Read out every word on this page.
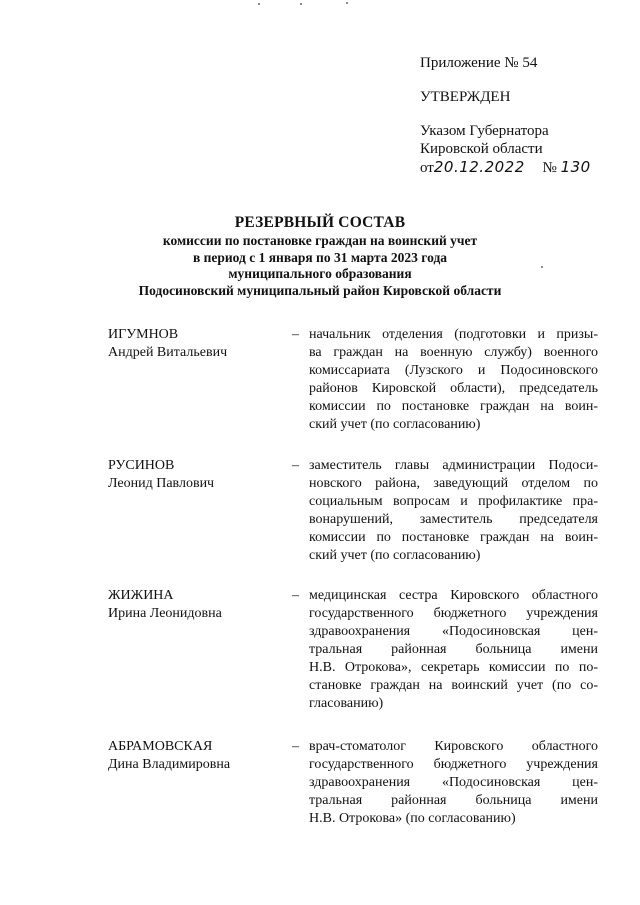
Приложение № 54
УТВЕРЖДЕН
Указом Губернатора
Кировской области
от20.12.2022 № 130
РЕЗЕРВНЫЙ СОСТАВ
комиссии по постановке граждан на воинский учет
в период с 1 января по 31 марта 2023 года
муниципального образования
Подосиновский муниципальный район Кировской области
ИГУМНОВ
Андрей Витальевич
– начальник отделения (подготовки и призы-
ва граждан на военную службу) военного
комиссариата (Лузского и Подосиновского
районов Кировской области), председатель
комиссии по постановке граждан на воин-
ский учет (по согласованию)
РУСИНОВ
Леонид Павлович
– заместитель главы администрации Подоси-
новского района, заведующий отделом по
социальным вопросам и профилактике пра-
вонарушений, заместитель председателя
комиссии по постановке граждан на воин-
ский учет (по согласованию)
ЖИЖИНА
Ирина Леонидовна
– медицинская сестра Кировского областного
государственного бюджетного учреждения
здравоохранения «Подосиновская цен-
тральная районная больница имени
Н.В. Отрокова», секретарь комиссии по по-
становке граждан на воинский учет (по со-
гласованию)
АБРАМОВСКАЯ
Дина Владимировна
– врач-стоматолог Кировского областного
государственного бюджетного учреждения
здравоохранения «Подосиновская цен-
тральная районная больница имени
Н.В. Отрокова» (по согласованию)
